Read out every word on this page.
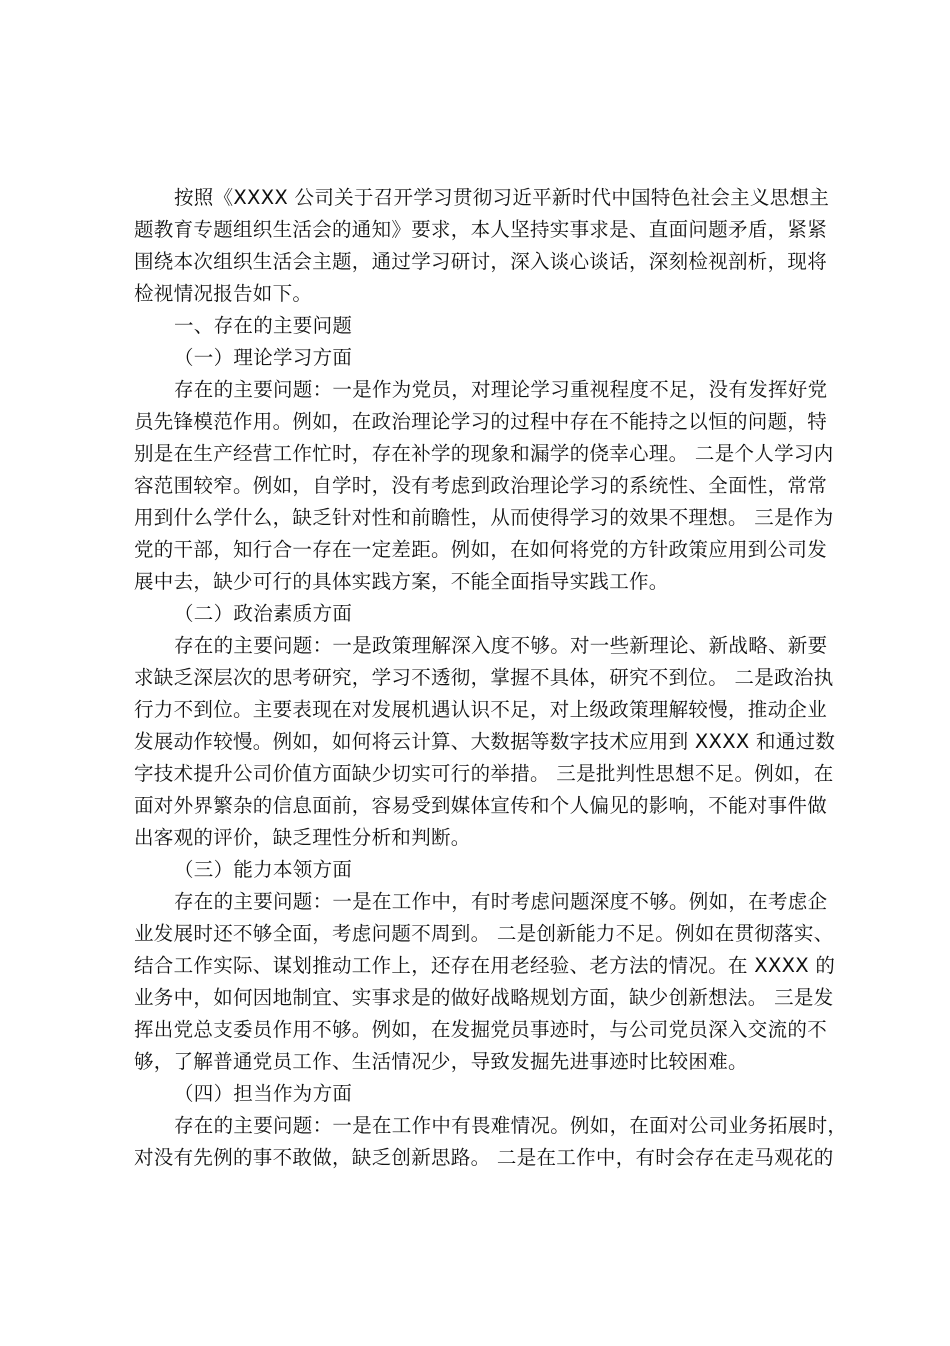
按照《XXXX 公司关于召开学习贯彻习近平新时代中国特色社会主义思想主
题教育专题组织生活会的通知》要求，本人坚持实事求是、直面问题矛盾，紧紧
围绕本次组织生活会主题，通过学习研讨，深入谈心谈话，深刻检视剖析，现将
检视情况报告如下。
一、存在的主要问题
（一）理论学习方面
存在的主要问题：一是作为党员，对理论学习重视程度不足，没有发挥好党
员先锋模范作用。例如，在政治理论学习的过程中存在不能持之以恒的问题，特
别是在生产经营工作忙时，存在补学的现象和漏学的侥幸心理。 二是个人学习内
容范围较窄。例如，自学时，没有考虑到政治理论学习的系统性、全面性，常常
用到什么学什么，缺乏针对性和前瞻性，从而使得学习的效果不理想。 三是作为
党的干部，知行合一存在一定差距。例如，在如何将党的方针政策应用到公司发
展中去，缺少可行的具体实践方案，不能全面指导实践工作。
（二）政治素质方面
存在的主要问题：一是政策理解深入度不够。对一些新理论、新战略、新要
求缺乏深层次的思考研究，学习不透彻，掌握不具体，研究不到位。 二是政治执
行力不到位。主要表现在对发展机遇认识不足，对上级政策理解较慢，推动企业
发展动作较慢。例如，如何将云计算、大数据等数字技术应用到 XXXX 和通过数
字技术提升公司价值方面缺少切实可行的举措。 三是批判性思想不足。例如，在
面对外界繁杂的信息面前，容易受到媒体宣传和个人偏见的影响，不能对事件做
出客观的评价，缺乏理性分析和判断。
（三）能力本领方面
存在的主要问题：一是在工作中，有时考虑问题深度不够。例如，在考虑企
业发展时还不够全面，考虑问题不周到。 二是创新能力不足。例如在贯彻落实、
结合工作实际、谋划推动工作上，还存在用老经验、老方法的情况。在 XXXX 的
业务中，如何因地制宜、实事求是的做好战略规划方面，缺少创新想法。 三是发
挥出党总支委员作用不够。例如，在发掘党员事迹时，与公司党员深入交流的不
够，了解普通党员工作、生活情况少，导致发掘先进事迹时比较困难。
（四）担当作为方面
存在的主要问题：一是在工作中有畏难情况。例如，在面对公司业务拓展时，
对没有先例的事不敢做，缺乏创新思路。 二是在工作中，有时会存在走马观花的
